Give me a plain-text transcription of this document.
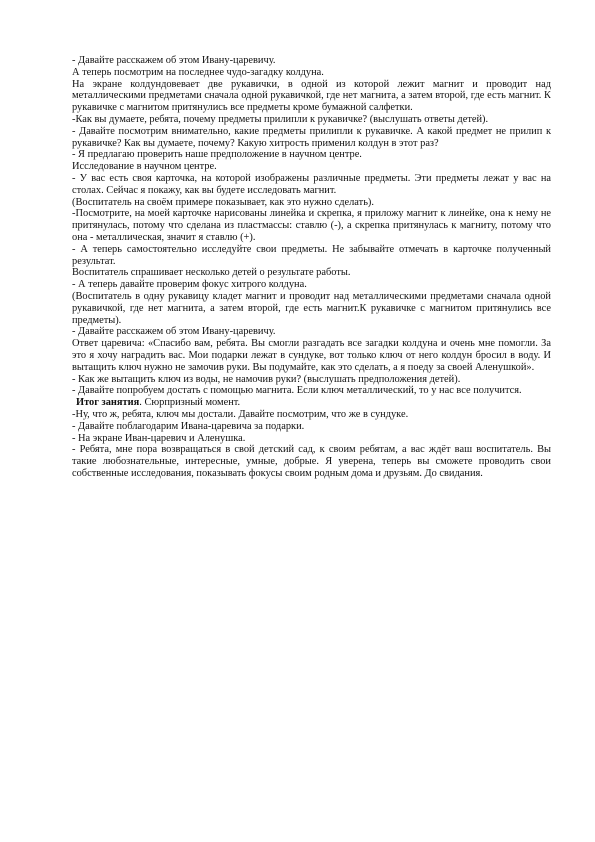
- Давайте расскажем об этом Ивану-царевичу.

А теперь посмотрим на последнее чудо-загадку колдуна.

На экране колдундовевает две рукавички, в одной из которой лежит магнит и проводит над металлическими предметами сначала одной рукавичкой, где нет магнита, а затем второй, где есть магнит. К рукавичке с магнитом притянулись все предметы кроме бумажной салфетки.

-Как вы думаете, ребята, почему предметы прилипли к рукавичке? (выслушать ответы детей).

- Давайте посмотрим внимательно, какие предметы прилипли к рукавичке. А какой предмет не прилип к рукавичке? Как вы думаете, почему? Какую хитрость применил колдун в этот раз?

- Я предлагаю проверить наше предположение в научном центре.

Исследование в научном центре.

- У вас есть своя карточка, на которой изображены различные предметы. Эти предметы лежат у вас на столах. Сейчас я покажу, как вы будете исследовать магнит.

(Воспитатель на своём примере показывает, как это нужно сделать).

-Посмотрите, на моей карточке нарисованы линейка и скрепка, я приложу магнит к линейке, она к нему не притянулась, потому что сделана из пластмассы: ставлю (-), а скрепка притянулась к магниту, потому что она - металлическая, значит я ставлю (+).

- А теперь самостоятельно исследуйте свои предметы. Не забывайте отмечать в карточке полученный результат.

Воспитатель спрашивает несколько детей о результате работы.

- А теперь давайте проверим фокус хитрого колдуна.

(Воспитатель в одну рукавицу кладет магнит и проводит над металлическими предметами сначала одной рукавичкой, где нет магнита, а затем второй, где есть магнит.К рукавичке с магнитом притянулись все предметы).

- Давайте расскажем об этом Ивану-царевичу.

Ответ царевича: «Спасибо вам, ребята. Вы смогли разгадать все загадки колдуна и очень мне помогли. За это я хочу наградить вас. Мои подарки лежат в сундуке, вот только ключ от него колдун бросил в воду. И вытащить ключ нужно не замочив руки. Вы подумайте, как это сделать, а я поеду за своей Аленушкой».

- Как же вытащить ключ из воды, не намочив руки? (выслушать предположения детей).

- Давайте попробуем достать с помощью магнита. Если ключ металлический, то у нас все получится.

Итог занятия. Сюрпризный момент.

-Ну, что ж, ребята, ключ мы достали. Давайте посмотрим, что же в сундуке.

- Давайте поблагодарим Ивана-царевича за подарки.

- На экране Иван-царевич и Аленушка.

- Ребята, мне пора возвращаться в свой детский сад, к своим ребятам, а вас ждёт ваш воспитатель. Вы такие любознательные, интересные, умные, добрые. Я уверена, теперь вы сможете проводить свои собственные исследования, показывать фокусы своим родным дома и друзьям. До свидания.
